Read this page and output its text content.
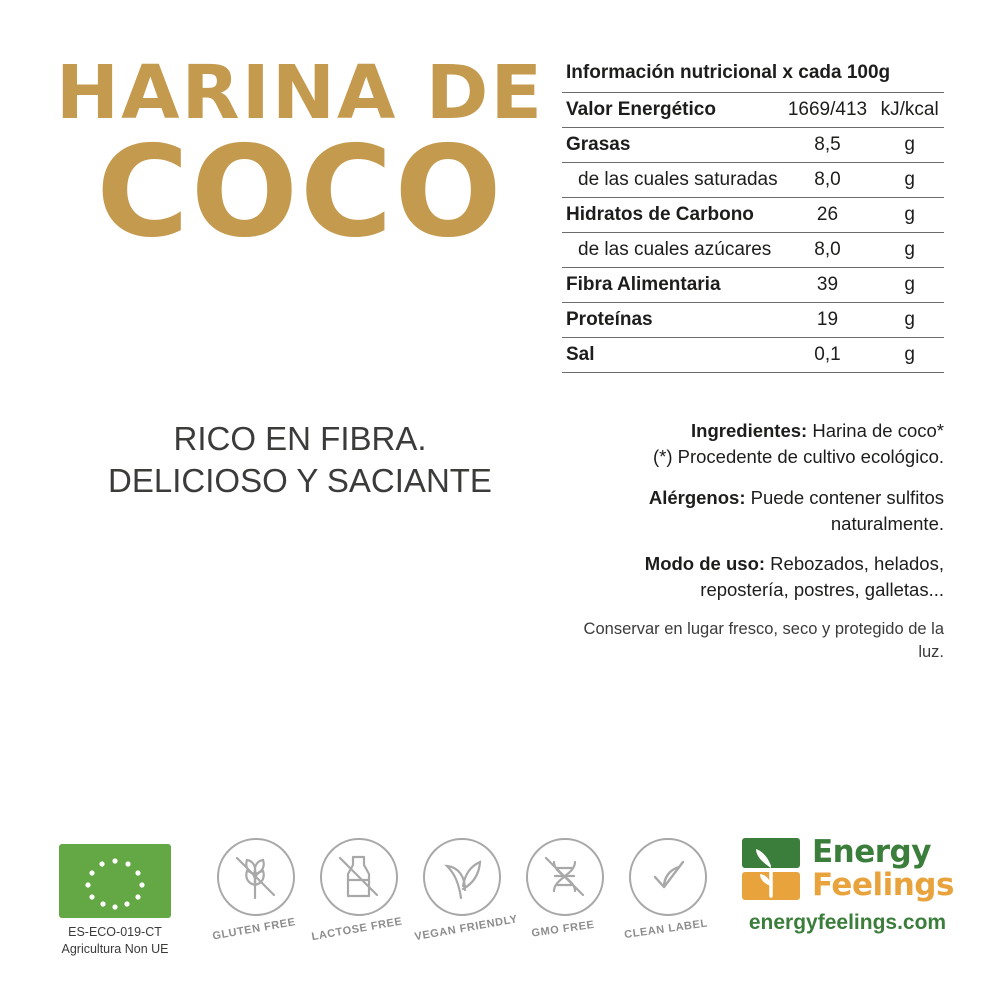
HARINA DE
COCO
RICO EN FIBRA.
DELICIOSO Y SACIANTE
Información nutricional x cada 100g
Valor Energético	1669/413	kJ/kcal
Grasas	8,5	g
de las cuales saturadas	8,0	g
Hidratos de Carbono	26	g
de las cuales azúcares	8,0	g
Fibra Alimentaria	39	g
Proteínas	19	g
Sal	0,1	g

Ingredientes: Harina de coco*
(*) Procedente de cultivo ecológico.

Alérgenos: Puede contener sulfitos naturalmente.

Modo de uso: Rebozados, helados, repostería, postres, galletas...

Conservar en lugar fresco, seco y protegido de la luz.

ES-ECO-019-CT
Agricultura Non UE
GLUTEN FREE	LACTOSE FREE VEGAN FRIENDLY	GMO FREE	CLEAN LABEL
Energy
Feelings
energyfeelings.com
